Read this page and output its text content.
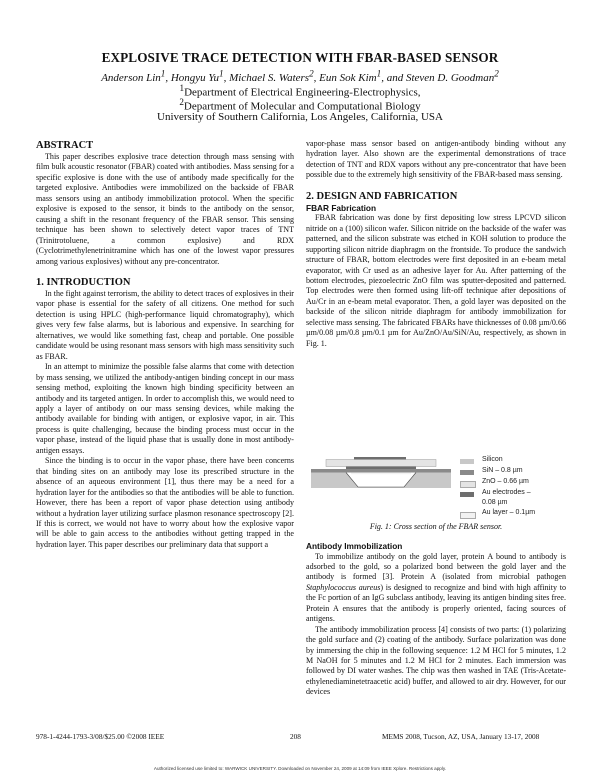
EXPLOSIVE TRACE DETECTION WITH FBAR-BASED SENSOR
Anderson Lin$^1$, Hongyu Yu$^1$, Michael S. Waters$^2$, Eun Sok Kim$^1$, and Steven D. Goodman$^2$
$^1$Department of Electrical Engineering-Electrophysics,
$^2$Department of Molecular and Computational Biology
University of Southern California, Los Angeles, California, USA
ABSTRACT

This paper describes explosive trace detection through mass sensing with film bulk acoustic resonator (FBAR) coated with antibodies. Mass sensing for a specific explosive is done with the use of antibody made specifically for the targeted explosive. Antibodies were immobilized on the backside of FBAR mass sensors using an antibody immobilization protocol. When the specific explosive is exposed to the sensor, it binds to the antibody on the sensor, causing a shift in the resonant frequency of the FBAR sensor. This sensing technique has been shown to selectively detect vapor traces of TNT (Trinitrotoluene, a common explosive) and RDX (Cyclotrimethylenetrinitramine which has one of the lowest vapor pressures among various explosives) without any pre-concentrator.

1. INTRODUCTION

In the fight against terrorism, the ability to detect traces of explosives in their vapor phase is essential for the safety of all citizens. One method for such detection is using HPLC (high-performance liquid chromatography), which gives very few false alarms, but is laborious and expensive. In searching for alternatives, we would like something fast, cheap and portable. One possible candidate would be using resonant mass sensors with high mass sensitivity such as FBAR.

In an attempt to minimize the possible false alarms that come with detection by mass sensing, we utilized the antibody-antigen binding concept in our mass sensing method, exploiting the known high binding specificity between an antibody and its targeted antigen. In order to accomplish this, we would need to apply a layer of antibody on our mass sensing devices, while making the antibody available for binding with antigen, or explosive vapor, in air. This process is quite challenging, because the binding process must occur in the vapor phase, instead of the liquid phase that is usually done in most antibody-antigen essays.

Since the binding is to occur in the vapor phase, there have been concerns that binding sites on an antibody may lose its prescribed structure in the absence of an aqueous environment [1], thus there may be a need for a hydration layer for the antibodies so that the antibodies will be able to function. However, there has been a report of vapor phase detection using antibody without a hydration layer utilizing surface plasmon resonance spectroscopy [2]. If this is correct, we would not have to worry about how the explosive vapor will be able to gain access to the antibodies without getting trapped in the hydration layer. This paper describes our preliminary data that support a

vapor-phase mass sensor based on antigen-antibody binding without any hydration layer. Also shown are the experimental demonstrations of trace detection of TNT and RDX vapors without any pre-concentrator that have been possible due to the extremely high sensitivity of the FBAR-based mass sensing.

2. DESIGN AND FABRICATION
FBAR Fabrication

FBAR fabrication was done by first depositing low stress LPCVD silicon nitride on a (100) silicon wafer. Silicon nitride on the backside of the wafer was patterned, and the silicon substrate was etched in KOH solution to produce the supporting silicon nitride diaphragm on the frontside. To produce the sandwich structure of FBAR, bottom electrodes were first deposited in an e-beam metal evaporator, with Cr used as an adhesive layer for Au. After patterning of the bottom electrodes, piezoelectric ZnO film was sputter-deposited and patterned. Top electrodes were then formed using lift-off technique after depositions of Au/Cr in an e-beam metal evaporator. Then, a gold layer was deposited on the backside of the silicon nitride diaphragm for antibody immobilization for selective mass sensing. The fabricated FBARs have thicknesses of 0.08 µm/0.66 µm/0.08 µm/0.8 µm/0.1 µm for Au/ZnO/Au/SiN/Au, respectively, as shown in Fig. 1.

Silicon
SiN – 0.8 µm
ZnO – 0.66 µm
Au electrodes –
0.08 µm
Au layer – 0.1µm
Fig. 1: Cross section of the FBAR sensor.
Antibody Immobilization

To immobilize antibody on the gold layer, protein A bound to antibody is adsorbed to the gold, so a polarized bond between the gold layer and the antibody is formed [3]. Protein A (isolated from microbial pathogen Staphylococcus aureus) is designed to recognize and bind with high affinity to the Fc portion of an IgG subclass antibody, leaving its antigen binding sites free. Protein A ensures that the antibody is properly oriented, facing sources of antigens.

The antibody immobilization process [4] consists of two parts: (1) polarizing the gold surface and (2) coating of the antibody. Surface polarization was done by immersing the chip in the following sequence: 1.2 M HCl for 5 minutes, 1.2 M NaOH for 5 minutes and 1.2 M HCl for 2 minutes. Each immersion was followed by DI water washes. The chip was then washed in TAE (Tris-Acetate-ethylenediaminetetraacetic acid) buffer, and allowed to air dry. However, for our devices

978-1-4244-1793-3/08/$25.00 ©2008 IEEE	208	MEMS 2008, Tucson, AZ, USA, January 13-17, 2008
Authorized licensed use limited to: WARWICK UNIVERSITY. Downloaded on November 24, 2009 at 14:09 from IEEE Xplore. Restrictions apply.
